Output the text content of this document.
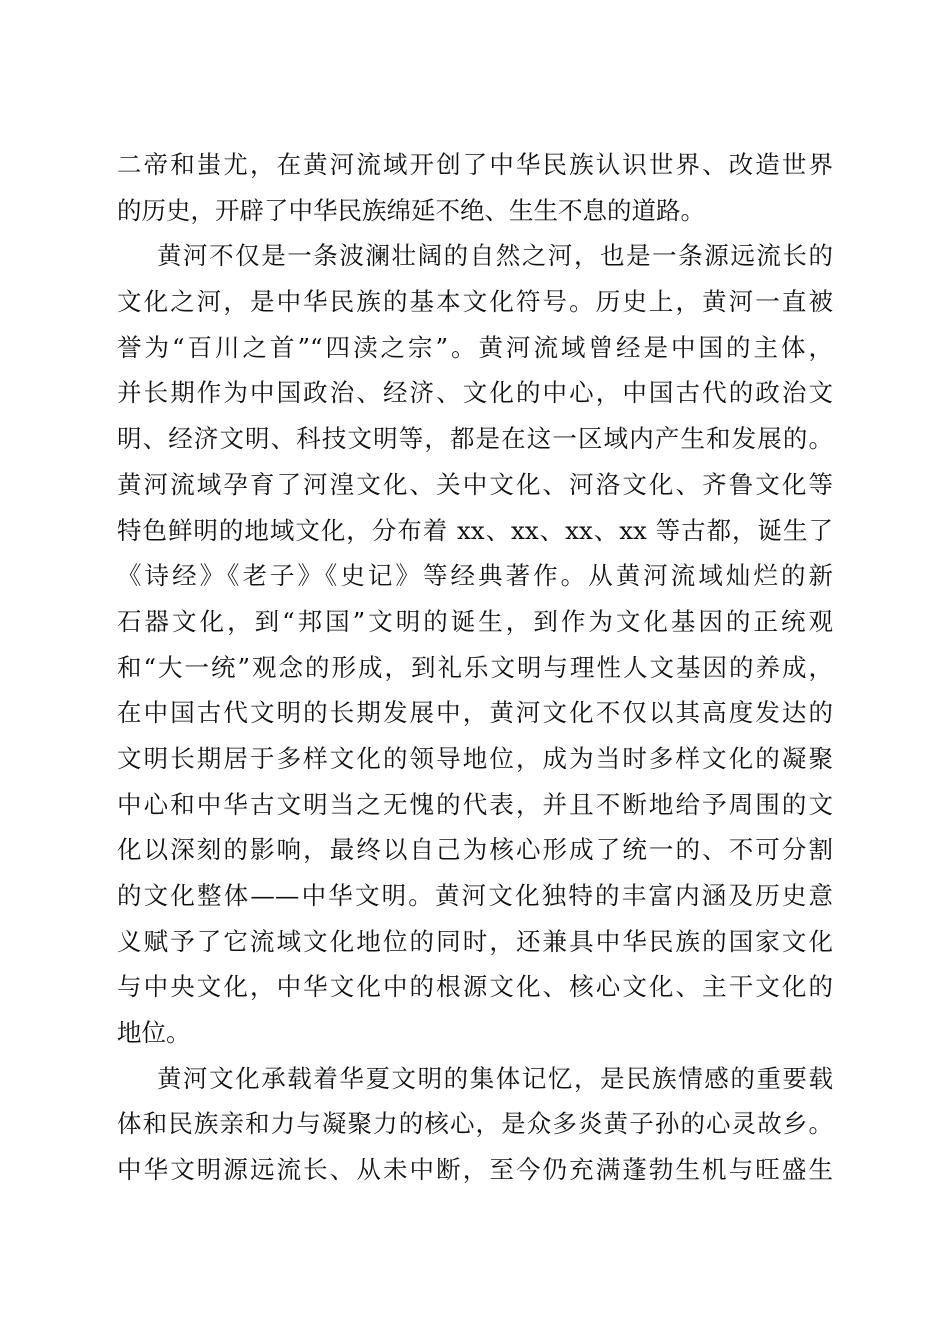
二帝和蚩尤，在黄河流域开创了中华民族认识世界、改造世界
的历史，开辟了中华民族绵延不绝、生生不息的道路。
黄河不仅是一条波澜壮阔的自然之河，也是一条源远流长的
文化之河，是中华民族的基本文化符号。历史上，黄河一直被
誉为“百川之首”“四渎之宗”。黄河流域曾经是中国的主体，
并长期作为中国政治、经济、文化的中心，中国古代的政治文
明、经济文明、科技文明等，都是在这一区域内产生和发展的。
黄河流域孕育了河湟文化、关中文化、河洛文化、齐鲁文化等
特色鲜明的地域文化，分布着 xx、xx、xx、xx 等古都，诞生了
《诗经》《老子》《史记》等经典著作。从黄河流域灿烂的新
石器文化，到“邦国”文明的诞生，到作为文化基因的正统观
和“大一统”观念的形成，到礼乐文明与理性人文基因的养成，
在中国古代文明的长期发展中，黄河文化不仅以其高度发达的
文明长期居于多样文化的领导地位，成为当时多样文化的凝聚
中心和中华古文明当之无愧的代表，并且不断地给予周围的文
化以深刻的影响，最终以自己为核心形成了统一的、不可分割
的文化整体——中华文明。黄河文化独特的丰富内涵及历史意
义赋予了它流域文化地位的同时，还兼具中华民族的国家文化
与中央文化，中华文化中的根源文化、核心文化、主干文化的
地位。
黄河文化承载着华夏文明的集体记忆，是民族情感的重要载
体和民族亲和力与凝聚力的核心，是众多炎黄子孙的心灵故乡。
中华文明源远流长、从未中断，至今仍充满蓬勃生机与旺盛生
